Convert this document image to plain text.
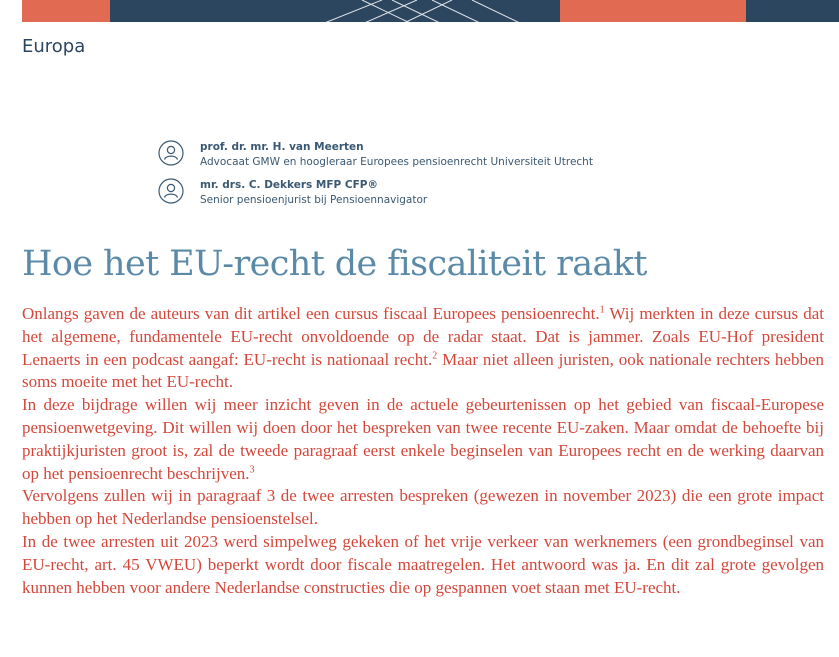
Europa
prof. dr. mr. H. van Meerten
Advocaat GMW en hoogleraar Europees pensioenrecht Universiteit Utrecht
mr. drs. C. Dekkers MFP CFP®
Senior pensioenjurist bij Pensioennavigator
Hoe het EU-recht de fiscaliteit raakt

Onlangs gaven de auteurs van dit artikel een cursus fiscaal Europees pensioenrecht.$^1$ Wij merkten in deze cursus dat het algemene, fundamentele EU-recht onvoldoende op de radar staat. Dat is jammer. Zoals EU-Hof president Lenaerts in een podcast aangaf: EU-recht is nationaal recht.$^2$ Maar niet alleen juristen, ook nationale rechters hebben soms moeite met het EU-recht.

In deze bijdrage willen wij meer inzicht geven in de actuele gebeurtenissen op het gebied van fiscaal-Europese pensioenwetgeving. Dit willen wij doen door het bespreken van twee recente EU-zaken. Maar omdat de behoefte bij praktijkjuristen groot is, zal de tweede paragraaf eerst enkele beginselen van Europees recht en de werking daarvan op het pensioenrecht beschrijven.$^3$

Vervolgens zullen wij in paragraaf 3 de twee arresten bespreken (gewezen in november 2023) die een grote impact hebben op het Nederlandse pensioenstelsel.

In de twee arresten uit 2023 werd simpelweg gekeken of het vrije verkeer van werknemers (een grondbeginsel van EU-recht, art. 45 VWEU) beperkt wordt door fiscale maatregelen. Het antwoord was ja. En dit zal grote gevolgen kunnen hebben voor andere Nederlandse constructies die op gespannen voet staan met EU-recht.
